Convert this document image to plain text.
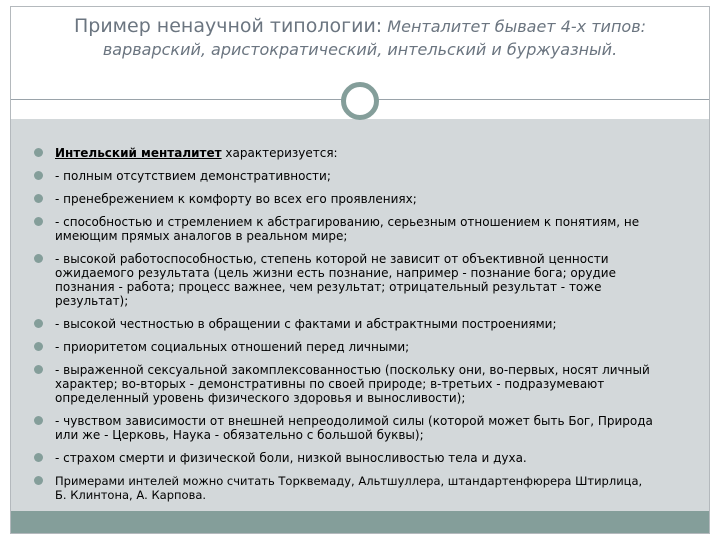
Пример ненаучной типологии: Менталитет бывает 4-х типов: варварский, аристократический, интельский и буржуазный.
Интельский менталитет характеризуется:
- полным отсутствием демонстративности;
- пренебрежением к комфорту во всех его проявлениях;
- способностью и стремлением к абстрагированию, серьезным отношением к понятиям, не имеющим прямых аналогов в реальном мире;
- высокой работоспособностью, степень которой не зависит от объективной ценности ожидаемого результата (цель жизни есть познание, например - познание бога; орудие познания - работа; процесс важнее, чем результат; отрицательный результат - тоже результат);
- высокой честностью в обращении с фактами и абстрактными построениями;
- приоритетом социальных отношений перед личными;
- выраженной сексуальной закомплексованностью (поскольку они, во-первых, носят личный характер; во-вторых - демонстративны по своей природе; в-третьих - подразумевают определенный уровень физического здоровья и выносливости);
- чувством зависимости от внешней непреодолимой силы (которой может быть Бог, Природа или же - Церковь, Наука - обязательно с большой буквы);
- страхом смерти и физической боли, низкой выносливостью тела и духа.
Примерами интелей можно считать Торквемаду, Альтшуллера, штандартенфюрера Штирлица, Б. Клинтона, А. Карпова.
